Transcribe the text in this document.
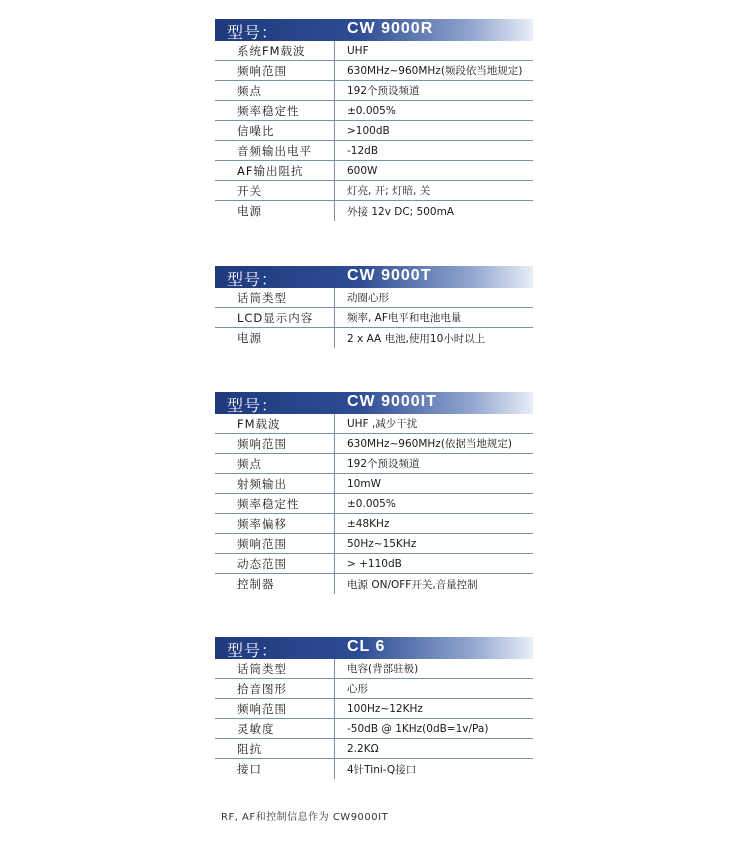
型号：	CW 9000R
系统FM载波	UHF
频响范围	630MHz~960MHz(频段依当地规定)
频点	192个预设频道
频率稳定性	±0.005%
信噪比	>100dB
音频输出电平	-12dB
AF输出阻抗	600W
开关	灯亮, 开; 灯暗, 关
电源	外接 12v DC; 500mA
型号：	CW 9000T
话筒类型	动圈心形
LCD显示内容	频率, AF电平和电池电量
电源	2 x AA 电池,使用10小时以上
型号：	CW 9000IT
FM载波	UHF ,减少干扰
频响范围	630MHz~960MHz(依据当地规定)
频点	192个预设频道
射频输出	10mW
频率稳定性	±0.005%
频率偏移	±48KHz
频响范围	50Hz~15KHz
动态范围	> +110dB
控制器	电源 ON/OFF开关,音量控制
型号：	CL 6
话筒类型	电容(背部驻极)
拾音图形	心形
频响范围	100Hz~12KHz
灵敏度	-50dB @ 1KHz(0dB=1v/Pa)
阻抗	2.2KΩ
接口	4针Tini-Q接口
RF, AF和控制信息作为 CW9000IT
